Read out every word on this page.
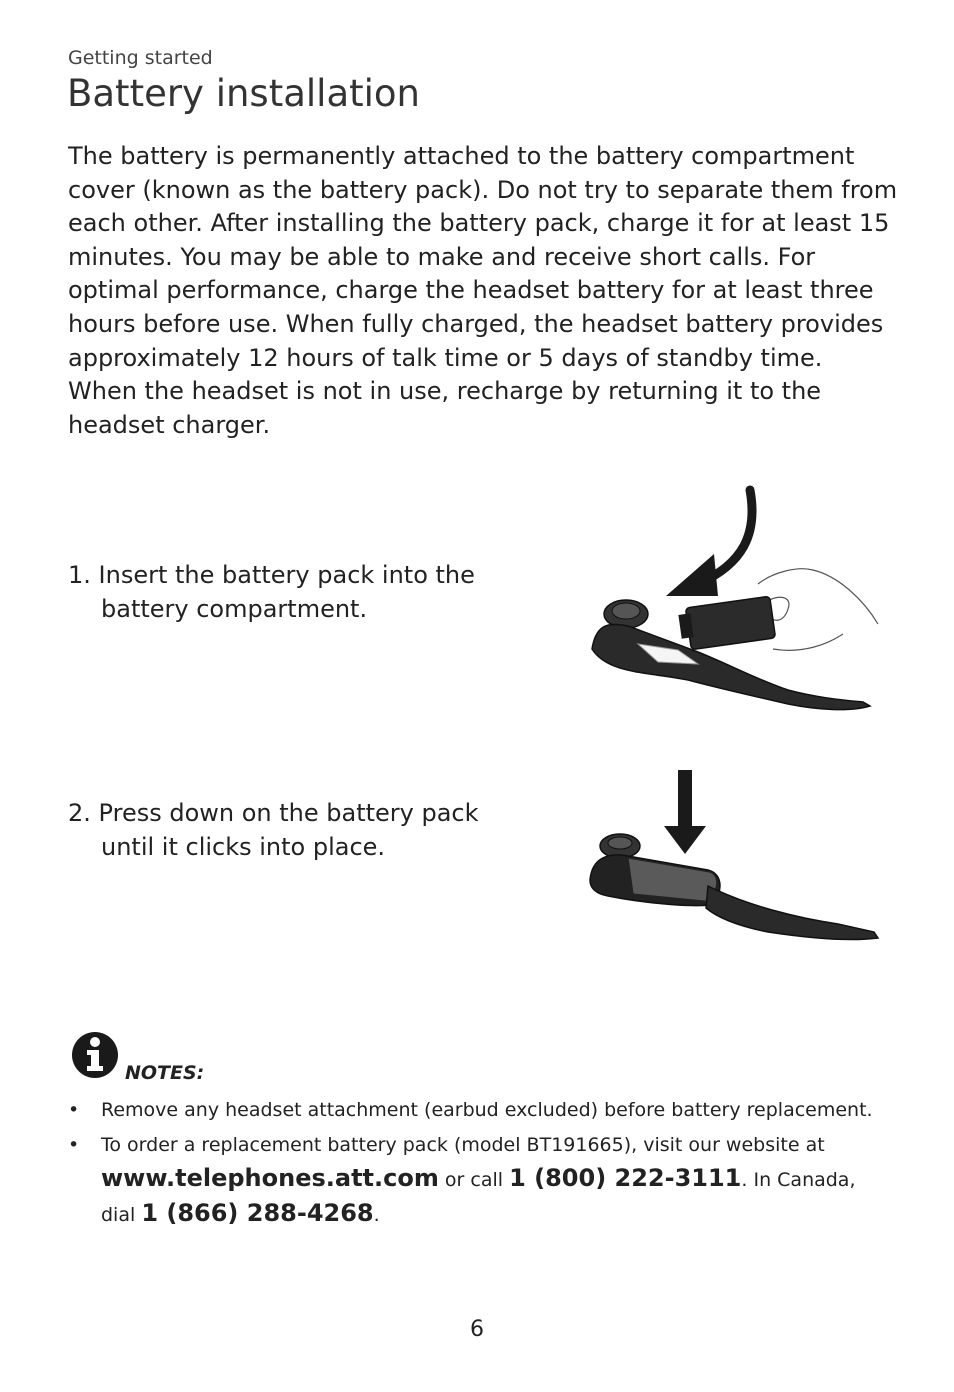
Getting started
Battery installation

The battery is permanently attached to the battery compartment cover (known as the battery pack). Do not try to separate them from each other. After installing the battery pack, charge it for at least 15 minutes. You may be able to make and receive short calls. For optimal performance, charge the headset battery for at least three hours before use. When fully charged, the headset battery provides approximately 12 hours of talk time or 5 days of standby time. When the headset is not in use, recharge by returning it to the headset charger.

1. Insert the battery pack into the
battery compartment.
2. Press down on the battery pack
until it clicks into place.
NOTES:
• Remove any headset attachment (earbud excluded) before battery replacement.
• To order a replacement battery pack (model BT191665), visit our website at
www.telephones.att.com or call 1 (800) 222-3111. In Canada,
dial 1 (866) 288-4268.
6
